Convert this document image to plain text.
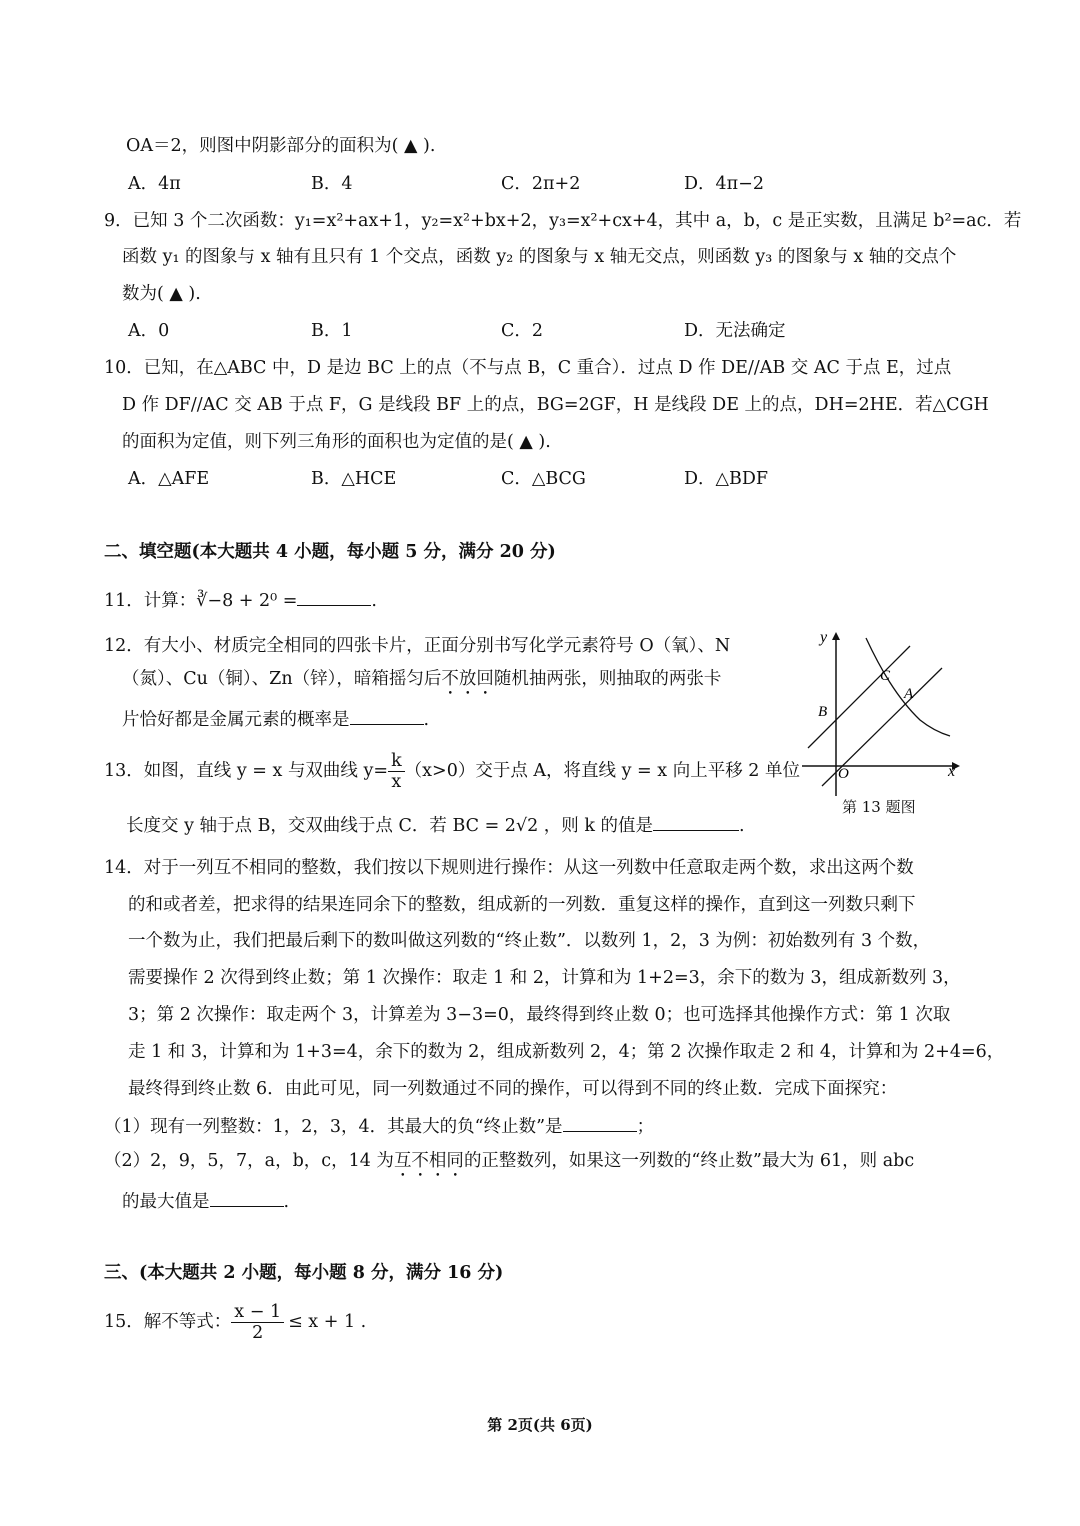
OA＝2，则图中阴影部分的面积为( ▲ ).
A．4π	B．4	C．2π+2	D．4π−2
9．已知 3 个二次函数：y₁=x²+ax+1，y₂=x²+bx+2，y₃=x²+cx+4，其中 a，b，c 是正实数，且满足 b²=ac．若
函数 y₁ 的图象与 x 轴有且只有 1 个交点，函数 y₂ 的图象与 x 轴无交点，则函数 y₃ 的图象与 x 轴的交点个
数为( ▲ ).
A．0	B．1	C．2	D．无法确定
10．已知，在△ABC 中，D 是边 BC 上的点（不与点 B，C 重合）．过点 D 作 DE//AB 交 AC 于点 E，过点
D 作 DF//AC 交 AB 于点 F，G 是线段 BF 上的点，BG=2GF，H 是线段 DE 上的点，DH=2HE．若△CGH
的面积为定值，则下列三角形的面积也为定值的是( ▲ ).
A．△AFE	B．△HCE	C．△BCG	D．△BDF
二、填空题(本大题共 4 小题，每小题 5 分，满分 20 分)
11．计算：∛−8 + 2⁰ =	.
12．有大小、材质完全相同的四张卡片，正面分别书写化学元素符号 O（氧）、N
（氮）、Cu（铜）、Zn（锌），暗箱摇匀后不放回随机抽两张，则抽取的两张卡
片恰好都是金属元素的概率是	.
13．如图，直线 y = x 与双曲线 $y= \frac{k}{x} (x>0)$交于点 A，将直线 y = x 向上平移 2 单位
长度交 y 轴于点 B，交双曲线于点 C．若 BC = 2√2 ，则 k 的值是	.
y
x
O
B
C
A
第 13 题图
14．对于一列互不相同的整数，我们按以下规则进行操作：从这一列数中任意取走两个数，求出这两个数
的和或者差，把求得的结果连同余下的整数，组成新的一列数．重复这样的操作，直到这一列数只剩下
一个数为止，我们把最后剩下的数叫做这列数的“终止数”．以数列 1，2，3 为例：初始数列有 3 个数，
需要操作 2 次得到终止数；第 1 次操作：取走 1 和 2，计算和为 1+2=3，余下的数为 3，组成新数列 3，
3；第 2 次操作：取走两个 3，计算差为 3−3=0，最终得到终止数 0；也可选择其他操作方式：第 1 次取
走 1 和 3，计算和为 1+3=4，余下的数为 2，组成新数列 2，4；第 2 次操作取走 2 和 4，计算和为 2+4=6，
最终得到终止数 6．由此可见，同一列数通过不同的操作，可以得到不同的终止数．完成下面探究：
（1）现有一列整数：1，2，3，4．其最大的负“终止数”是	；
（2）2，9，5，7，a，b，c，14 为互不相同的正整数列，如果这一列数的“终止数”最大为 61，则 abc
的最大值是	.
三、(本大题共 2 小题，每小题 8 分，满分 16 分)
15．解不等式： $\frac{x - 1}{2} \le x + 1$ .
第 2页(共 6页)
